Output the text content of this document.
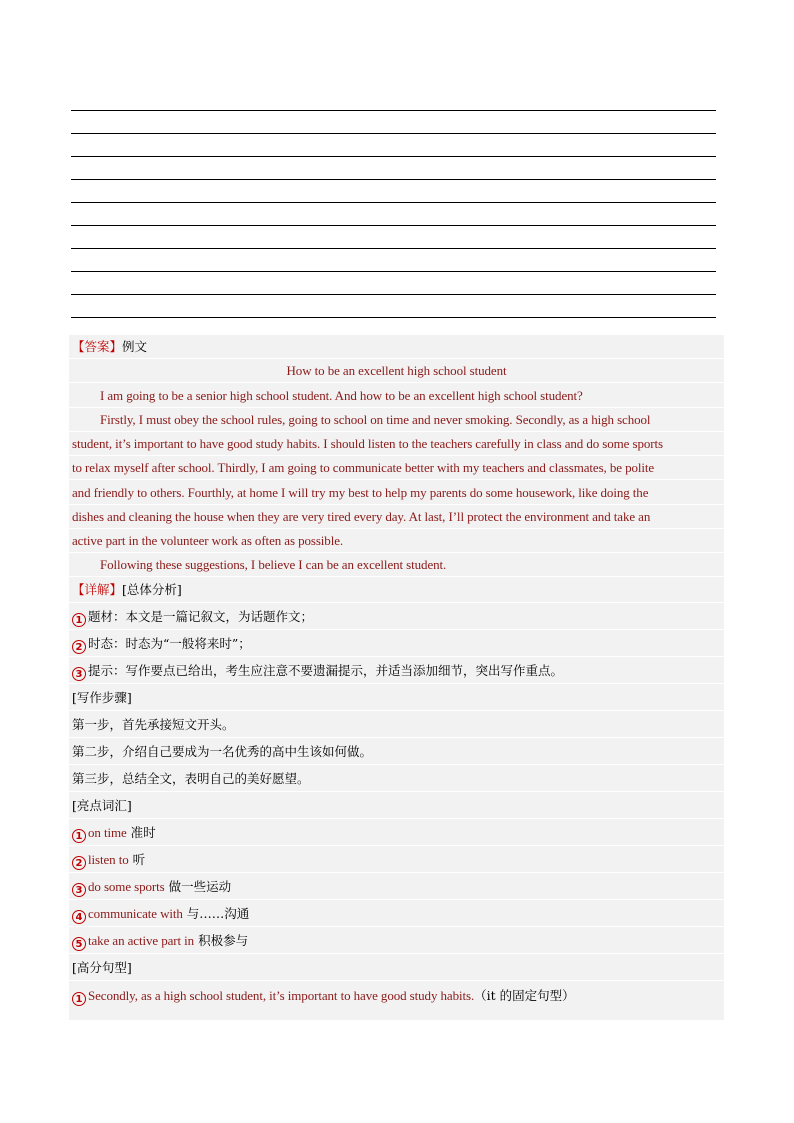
【答案】例文
How to be an excellent high school student
I am going to be a senior high school student. And how to be an excellent high school student?
Firstly, I must obey the school rules, going to school on time and never smoking. Secondly, as a high school
student, it’s important to have good study habits. I should listen to the teachers carefully in class and do some sports
to relax myself after school. Thirdly, I am going to communicate better with my teachers and classmates, be polite
and friendly to others. Fourthly, at home I will try my best to help my parents do some housework, like doing the
dishes and cleaning the house when they are very tired every day. At last, I’ll protect the environment and take an
active part in the volunteer work as often as possible.
Following these suggestions, I believe I can be an excellent student.
【详解】[总体分析]
1 题材：本文是一篇记叙文，为话题作文；
2 时态：时态为“一般将来时”；
3 提示：写作要点已给出，考生应注意不要遗漏提示，并适当添加细节，突出写作重点。
[写作步骤]
第一步，首先承接短文开头。
第二步，介绍自己要成为一名优秀的高中生该如何做。
第三步，总结全文，表明自己的美好愿望。
[亮点词汇]
1 on time 准时
2 listen to 听
3 do some sports 做一些运动
4 communicate with 与……沟通
5 take an active part in 积极参与
[高分句型]
1 Secondly, as a high school student, it’s important to have good study habits.（it 的固定句型）
